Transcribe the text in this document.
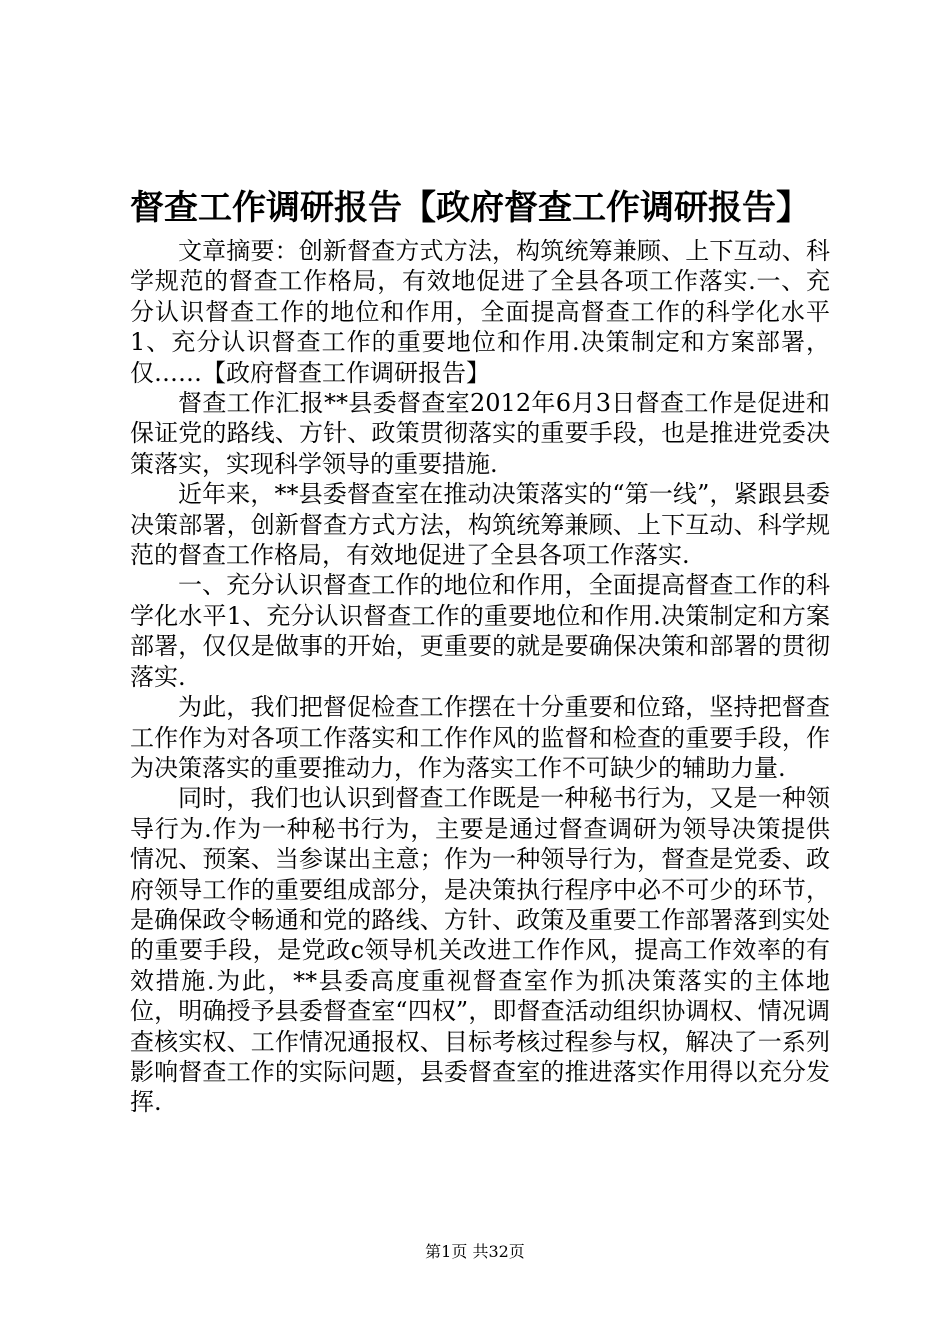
督查工作调研报告【政府督查工作调研报告】

文章摘要：创新督查方式方法，构筑统筹兼顾、上下互动、科学规范的督查工作格局，有效地促进了全县各项工作落实.一、充分认识督查工作的地位和作用，全面提高督查工作的科学化水平1、充分认识督查工作的重要地位和作用.决策制定和方案部署，仅……【政府督查工作调研报告】

督查工作汇报**县委督查室2012年6月3日督查工作是促进和保证党的路线、方针、政策贯彻落实的重要手段，也是推进党委决策落实，实现科学领导的重要措施.

近年来，**县委督查室在推动决策落实的“第一线”，紧跟县委决策部署，创新督查方式方法，构筑统筹兼顾、上下互动、科学规范的督查工作格局，有效地促进了全县各项工作落实.

一、充分认识督查工作的地位和作用，全面提高督查工作的科学化水平1、充分认识督查工作的重要地位和作用.决策制定和方案部署，仅仅是做事的开始，更重要的就是要确保决策和部署的贯彻落实.

为此，我们把督促检查工作摆在十分重要和位臵，坚持把督查工作作为对各项工作落实和工作作风的监督和检查的重要手段，作为决策落实的重要推动力，作为落实工作不可缺少的辅助力量.

同时，我们也认识到督查工作既是一种秘书行为，又是一种领导行为.作为一种秘书行为，主要是通过督查调研为领导决策提供情况、预案、当参谋出主意；作为一种领导行为，督查是党委、政府领导工作的重要组成部分，是决策执行程序中必不可少的环节，是确保政令畅通和党的路线、方针、政策及重要工作部署落到实处的重要手段，是党政c领导机关改进工作作风，提高工作效率的有效措施.为此，**县委高度重视督查室作为抓决策落实的主体地位，明确授予县委督查室“四权”，即督查活动组织协调权、情况调查核实权、工作情况通报权、目标考核过程参与权，解决了一系列影响督查工作的实际问题，县委督查室的推进落实作用得以充分发挥.

第1页 共32页
